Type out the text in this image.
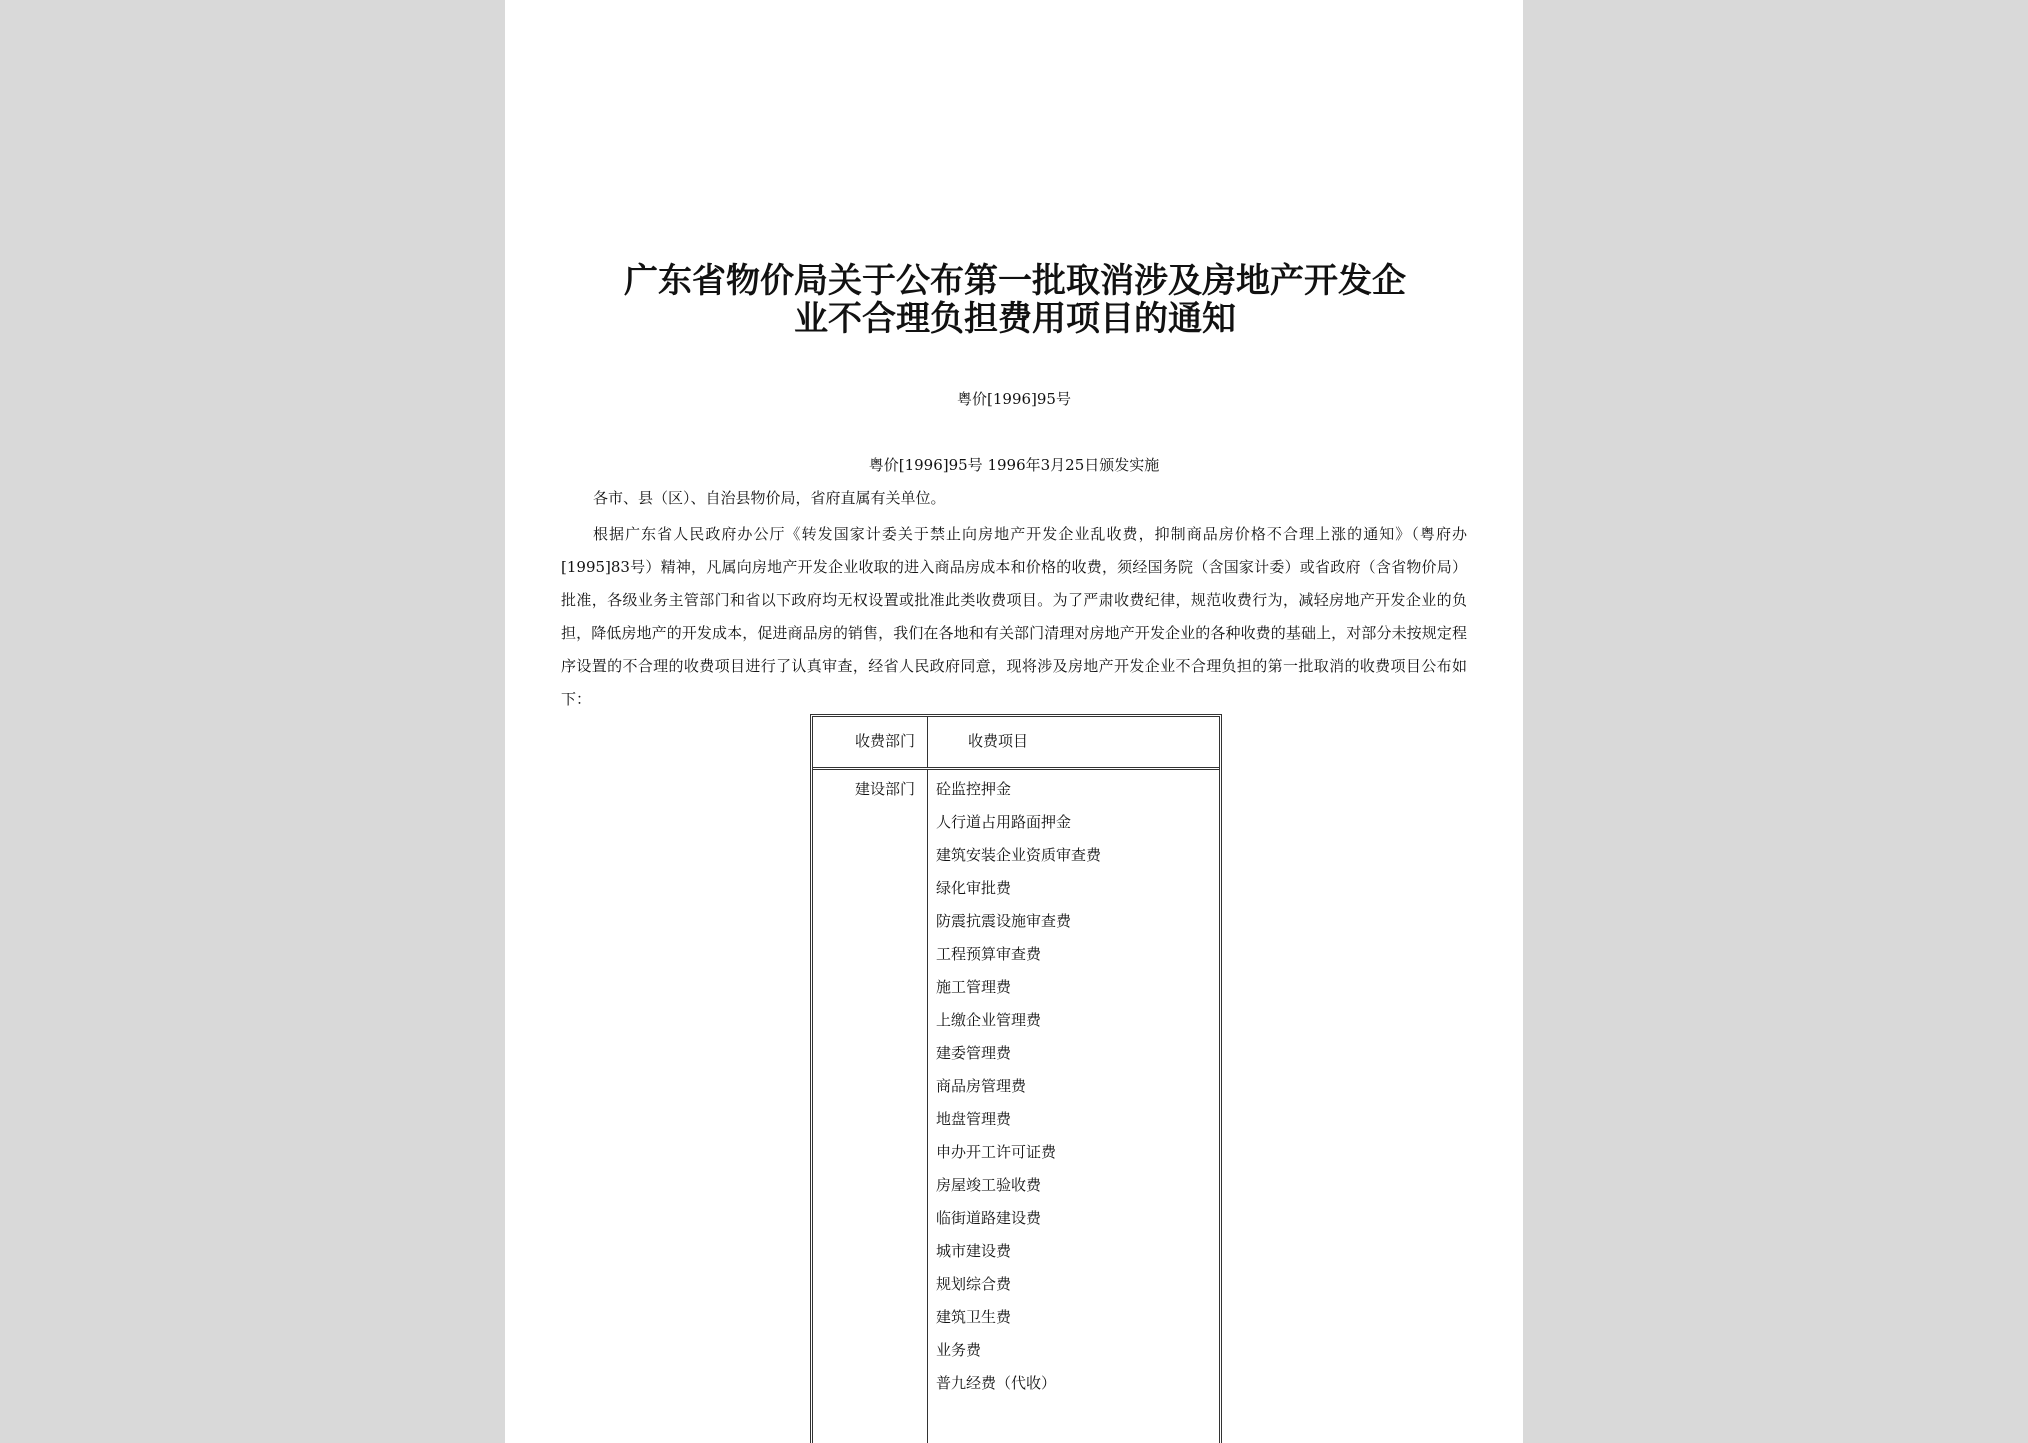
广东省物价局关于公布第一批取消涉及房地产开发企
业不合理负担费用项目的通知
粤价[1996]95号
粤价[1996]95号 1996年3月25日颁发实施
各市、县（区）、自治县物价局，省府直属有关单位。

根据广东省人民政府办公厅《转发国家计委关于禁止向房地产开发企业乱收费，抑制商品房价格不合理上涨的通知》（粤府办[1995]83号）精神，凡属向房地产开发企业收取的进入商品房成本和价格的收费，须经国务院（含国家计委）或省政府（含省物价局）批准，各级业务主管部门和省以下政府均无权设置或批准此类收费项目。为了严肃收费纪律，规范收费行为，减轻房地产开发企业的负担，降低房地产的开发成本，促进商品房的销售，我们在各地和有关部门清理对房地产开发企业的各种收费的基础上，对部分未按规定程序设置的不合理的收费项目进行了认真审查，经省人民政府同意，现将涉及房地产开发企业不合理负担的第一批取消的收费项目公布如下：

收费部门	收费项目
建设部门	砼监控押金
人行道占用路面押金
建筑安装企业资质审查费
绿化审批费
防震抗震设施审查费
工程预算审查费
施工管理费
上缴企业管理费
建委管理费
商品房管理费
地盘管理费
申办开工许可证费
房屋竣工验收费
临街道路建设费
城市建设费
规划综合费
建筑卫生费
业务费
普九经费（代收）
